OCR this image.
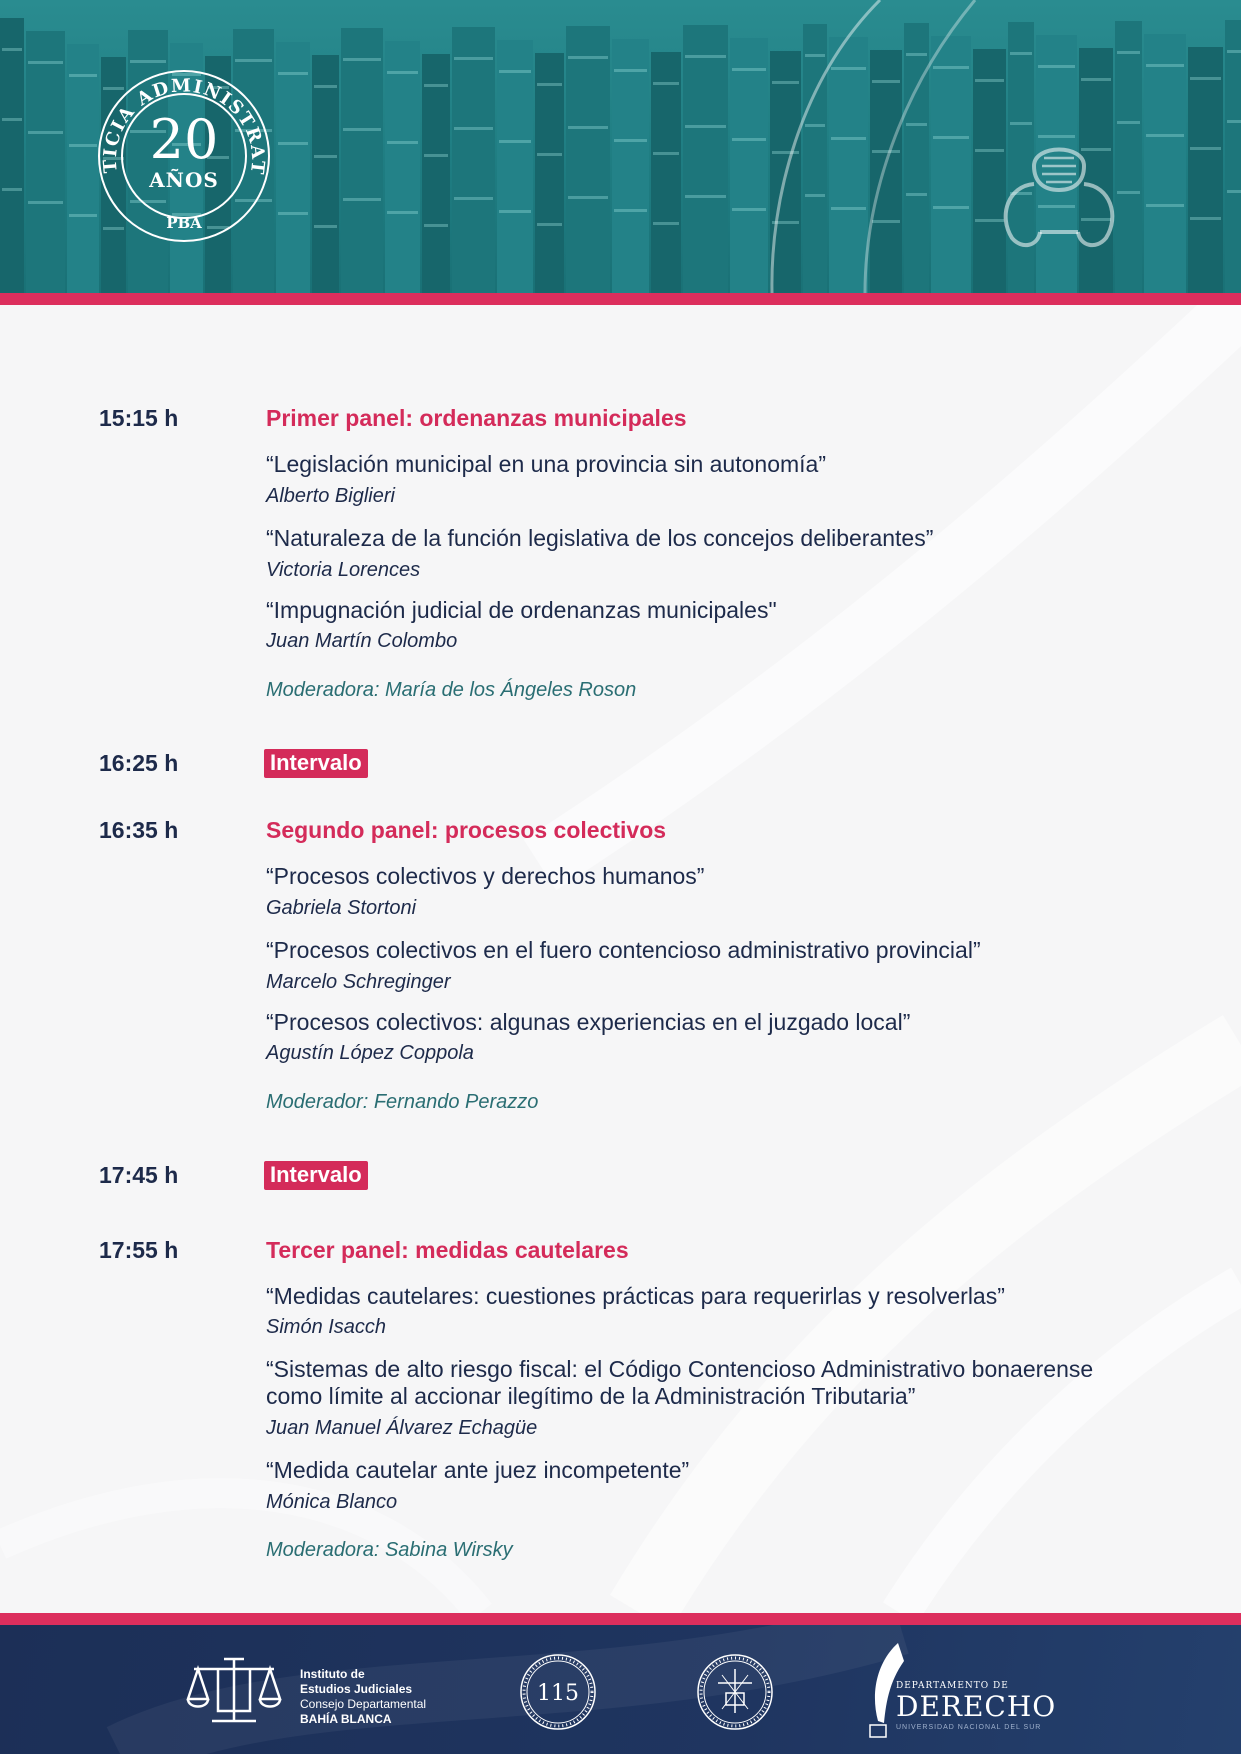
TICIA ADMINISTRAT
20
AÑOS
PBA
15:15 h	Primer panel: ordenanzas municipales
“Legislación municipal en una provincia sin autonomía”
Alberto Biglieri
“Naturaleza de la función legislativa de los concejos deliberantes”
Victoria Lorences
“Impugnación judicial de ordenanzas municipales"
Juan Martín Colombo
Moderadora: María de los Ángeles Roson
16:25 h	Intervalo
16:35 h	Segundo panel: procesos colectivos
“Procesos colectivos y derechos humanos”
Gabriela Stortoni
“Procesos colectivos en el fuero contencioso administrativo provincial”
Marcelo Schreginger
“Procesos colectivos: algunas experiencias en el juzgado local”
Agustín López Coppola
Moderador: Fernando Perazzo
17:45 h	Intervalo
17:55 h	Tercer panel: medidas cautelares
“Medidas cautelares: cuestiones prácticas para requerirlas y resolverlas”
Simón Isacch
“Sistemas de alto riesgo fiscal: el Código Contencioso Administrativo bonaerense
como límite al accionar ilegítimo de la Administración Tributaria”
Juan Manuel Álvarez Echagüe
“Medida cautelar ante juez incompetente”
Mónica Blanco
Moderadora: Sabina Wirsky
Instituto de
Estudios Judiciales
Consejo Departamental
BAHÍA BLANCA
115	DEPARTAMENTO DE
DERECHO
UNIVERSIDAD NACIONAL DEL SUR
